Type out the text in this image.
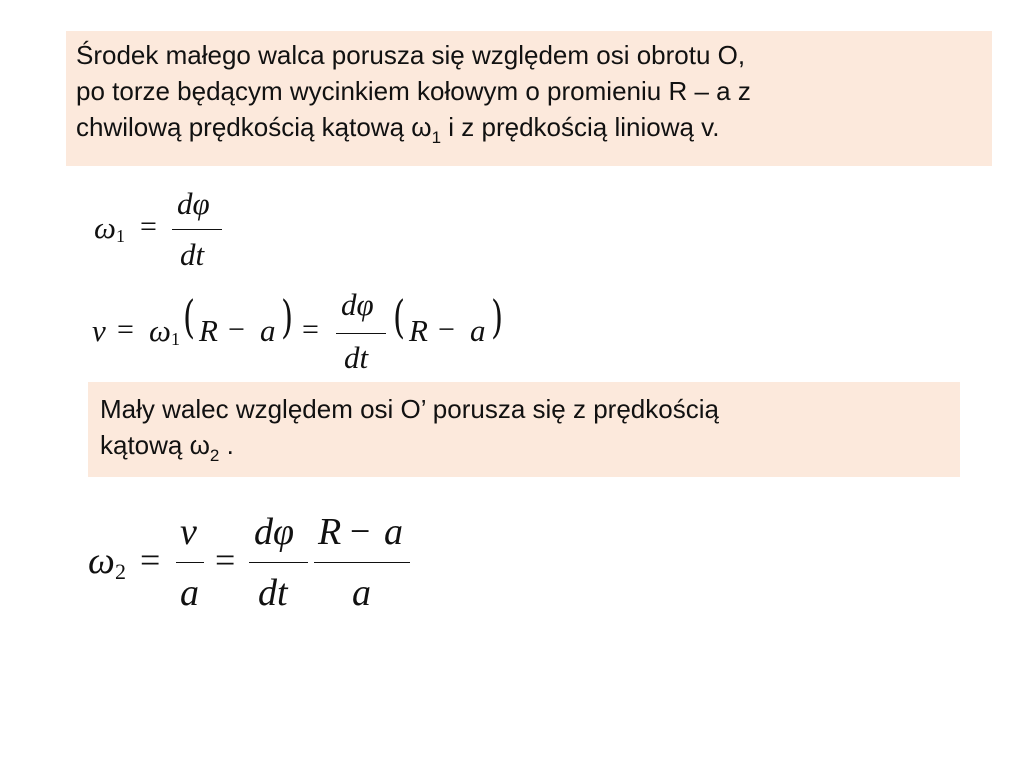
Środek małego walca porusza się względem osi obrotu O,

po torze będącym wycinkiem kołowym o promieniu R – a z

chwilową prędkością kątową $\omega_1$ i z prędkością liniową v.

ω 1 =
dφ
dt
v = ω 1 ( R − a ) =
dφ
dt
( R − a )

Mały walec względem osi O’ porusza się z prędkością

kątową $\omega_2$ .

ω 2 =
v
a
=
dφ
dt
R − a
a
